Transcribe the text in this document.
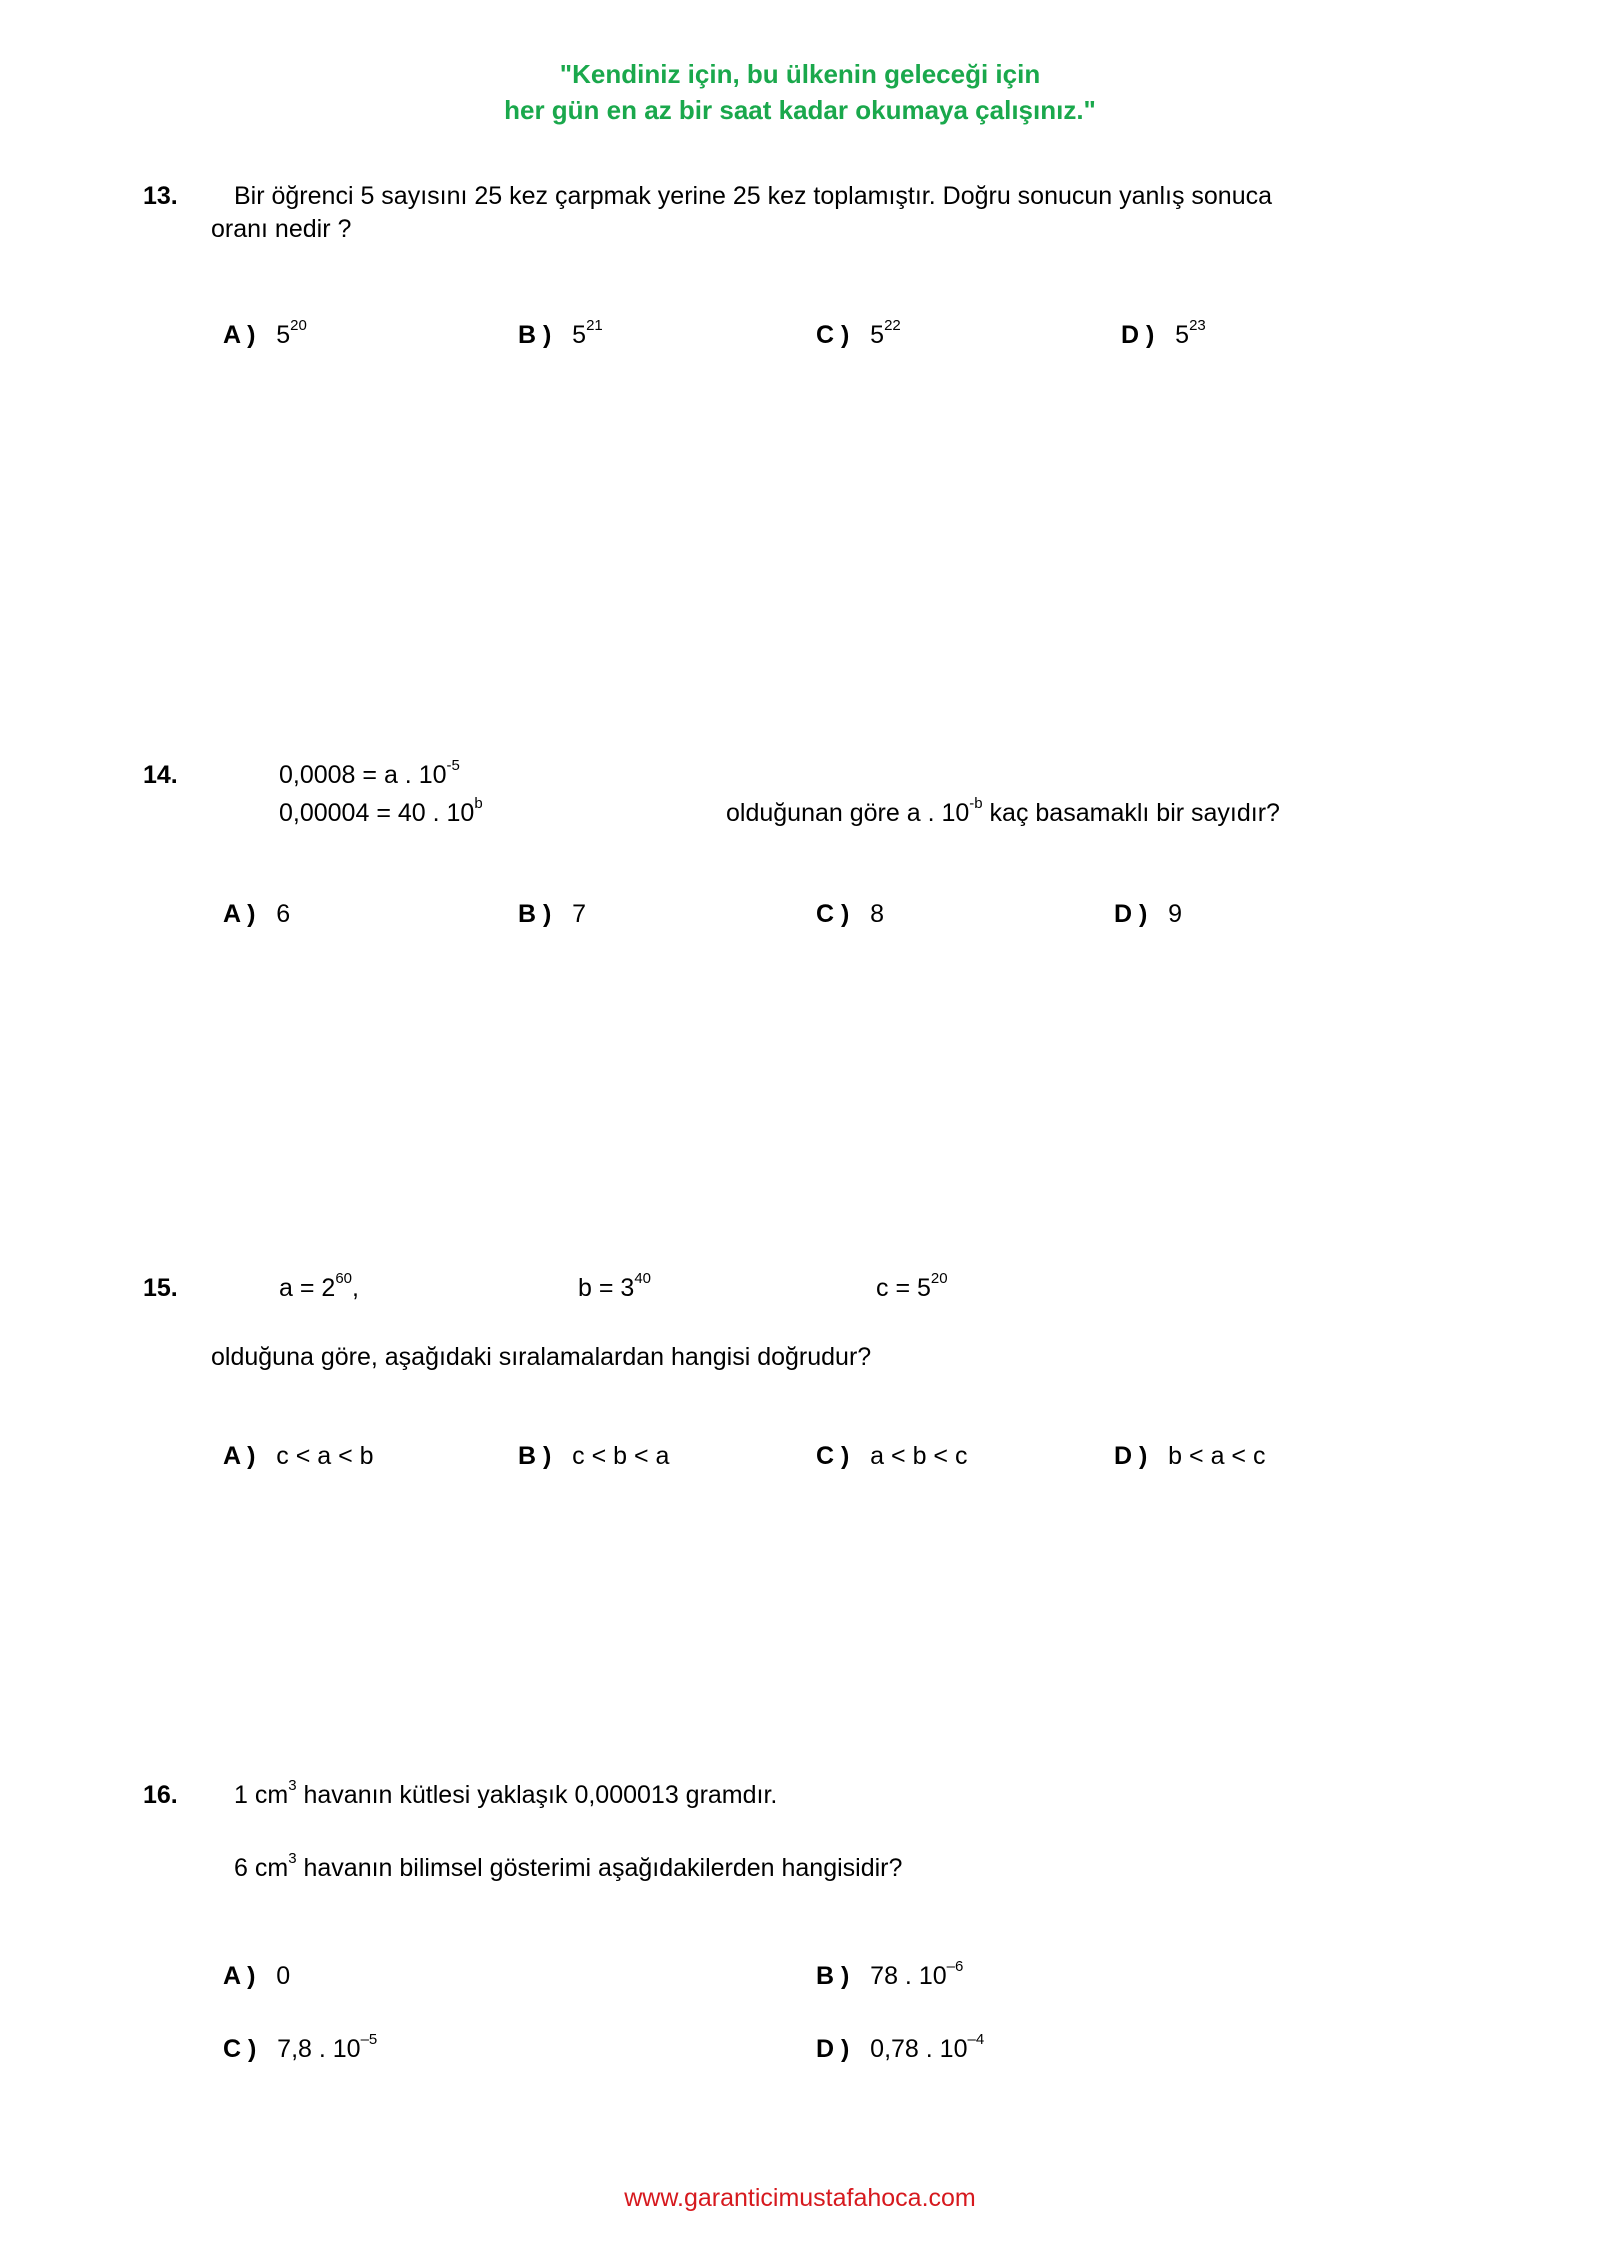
"Kendiniz için, bu ülkenin geleceği için
her gün en az bir saat kadar okumaya çalışınız."
13. Bir öğrenci 5 sayısını 25 kez çarpmak yerine 25 kez toplamıştır. Doğru sonucun yanlış sonuca
oranı nedir ?
A ) $5^{20}$	B ) $5^{21}$	C ) $5^{22}$	D ) $5^{23}$
14.	0,0008 = a . $10^{-5}$
0,00004 = 40 . 10$^b$	olduğunan göre a . $10^{-b}$ kaç basamaklı bir sayıdır?
A ) 6	B ) 7	C ) 8	D ) 9
15.	$a = 2^{60}$,	$b = 3^{40}$	$c = 5^{20}$
olduğuna göre, aşağıdaki sıralamalardan hangisi doğrudur?
A ) c < a < b	B ) c < b < a	C ) a < b < c	D ) b < a < c
16. 1 $cm^3$ havanın kütlesi yaklaşık 0,000013 gramdır.
6 $cm^3$ havanın bilimsel gösterimi aşağıdakilerden hangisidir?
A ) 0	B ) 78 . $10^{-6}$
C ) 7,8 . $10^{-5}$	D ) 0,78 . $10^{-4}$
www.garanticimustafahoca.com
